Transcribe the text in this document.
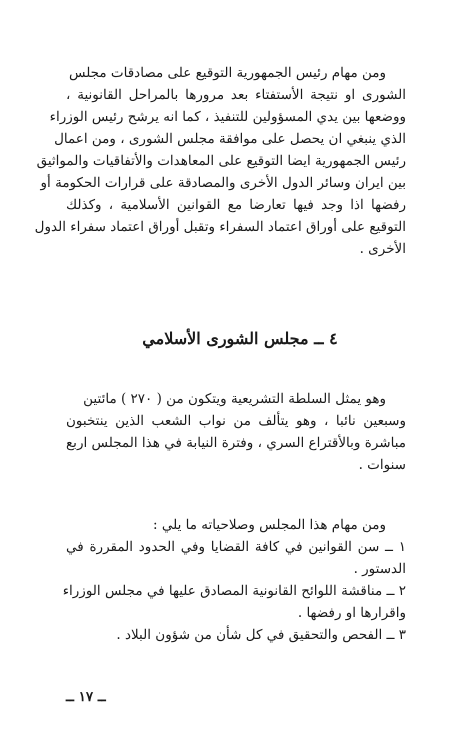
ومن مهام رئيس الجمهورية التوقيع على مصادقات مجلس
الشورى او نتيجة الأستفتاء بعد مرورها بالمراحل القانونية ،
ووضعها بين يدي المسؤولين للتنفيذ ، كما انه يرشح رئيس الوزراء
الذي ينبغي ان يحصل على موافقة مجلس الشورى ، ومن اعمال
رئيس الجمهورية ايضا التوقيع على المعاهدات والأتفاقيات والمواثيق
بين ايران وسائر الدول الأخرى والمصادقة على قرارات الحكومة أو
رفضها اذا وجد فيها تعارضا مع القوانين الأسلامية ، وكذلك
التوقيع على أوراق اعتماد السفراء وتقبل أوراق اعتماد سفراء الدول
الأخرى .
٤ ــ مجلس الشورى الأسلامي
وهو يمثل السلطة التشريعية ويتكون من ( ٢٧٠ ) مائتين
وسبعين نائبا ، وهو يتألف من نواب الشعب الذين ينتخبون
مباشرة وبالأقتراع السري ، وفترة النيابة في هذا المجلس اربع
سنوات .
ومن مهام هذا المجلس وصلاحياته ما يلي :
١ ــ سن القوانين في كافة القضايا وفي الحدود المقررة في
الدستور .
٢ ــ مناقشة اللوائح القانونية المصادق عليها في مجلس الوزراء
واقرارها او رفضها .
٣ ــ الفحص والتحقيق في كل شأن من شؤون البلاد .
ــ ١٧ ــ
